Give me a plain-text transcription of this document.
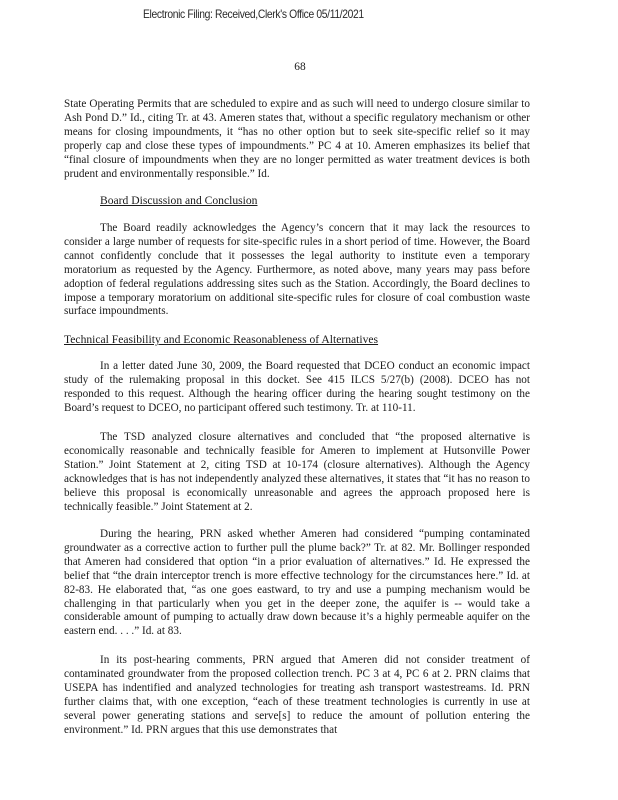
Electronic Filing: Received,Clerk's Office 05/11/2021
68

State Operating Permits that are scheduled to expire and as such will need to undergo closure similar to Ash Pond D.” Id., citing Tr. at 43. Ameren states that, without a specific regulatory mechanism or other means for closing impoundments, it “has no other option but to seek site-specific relief so it may properly cap and close these types of impoundments.” PC 4 at 10. Ameren emphasizes its belief that “final closure of impoundments when they are no longer permitted as water treatment devices is both prudent and environmentally responsible.” Id.

Board Discussion and Conclusion

The Board readily acknowledges the Agency’s concern that it may lack the resources to consider a large number of requests for site-specific rules in a short period of time. However, the Board cannot confidently conclude that it possesses the legal authority to institute even a temporary moratorium as requested by the Agency. Furthermore, as noted above, many years may pass before adoption of federal regulations addressing sites such as the Station. Accordingly, the Board declines to impose a temporary moratorium on additional site-specific rules for closure of coal combustion waste surface impoundments.

Technical Feasibility and Economic Reasonableness of Alternatives

In a letter dated June 30, 2009, the Board requested that DCEO conduct an economic impact study of the rulemaking proposal in this docket. See 415 ILCS 5/27(b) (2008). DCEO has not responded to this request. Although the hearing officer during the hearing sought testimony on the Board’s request to DCEO, no participant offered such testimony. Tr. at 110-11.

The TSD analyzed closure alternatives and concluded that “the proposed alternative is economically reasonable and technically feasible for Ameren to implement at Hutsonville Power Station.” Joint Statement at 2, citing TSD at 10-174 (closure alternatives). Although the Agency acknowledges that is has not independently analyzed these alternatives, it states that “it has no reason to believe this proposal is economically unreasonable and agrees the approach proposed here is technically feasible.” Joint Statement at 2.

During the hearing, PRN asked whether Ameren had considered “pumping contaminated groundwater as a corrective action to further pull the plume back?” Tr. at 82. Mr. Bollinger responded that Ameren had considered that option “in a prior evaluation of alternatives.” Id. He expressed the belief that “the drain interceptor trench is more effective technology for the circumstances here.” Id. at 82-83. He elaborated that, “as one goes eastward, to try and use a pumping mechanism would be challenging in that particularly when you get in the deeper zone, the aquifer is -- would take a considerable amount of pumping to actually draw down because it’s a highly permeable aquifer on the eastern end. . . .” Id. at 83.

In its post-hearing comments, PRN argued that Ameren did not consider treatment of contaminated groundwater from the proposed collection trench. PC 3 at 4, PC 6 at 2. PRN claims that USEPA has indentified and analyzed technologies for treating ash transport wastestreams. Id. PRN further claims that, with one exception, “each of these treatment technologies is currently in use at several power generating stations and serve[s] to reduce the amount of pollution entering the environment.” Id. PRN argues that this use demonstrates that
